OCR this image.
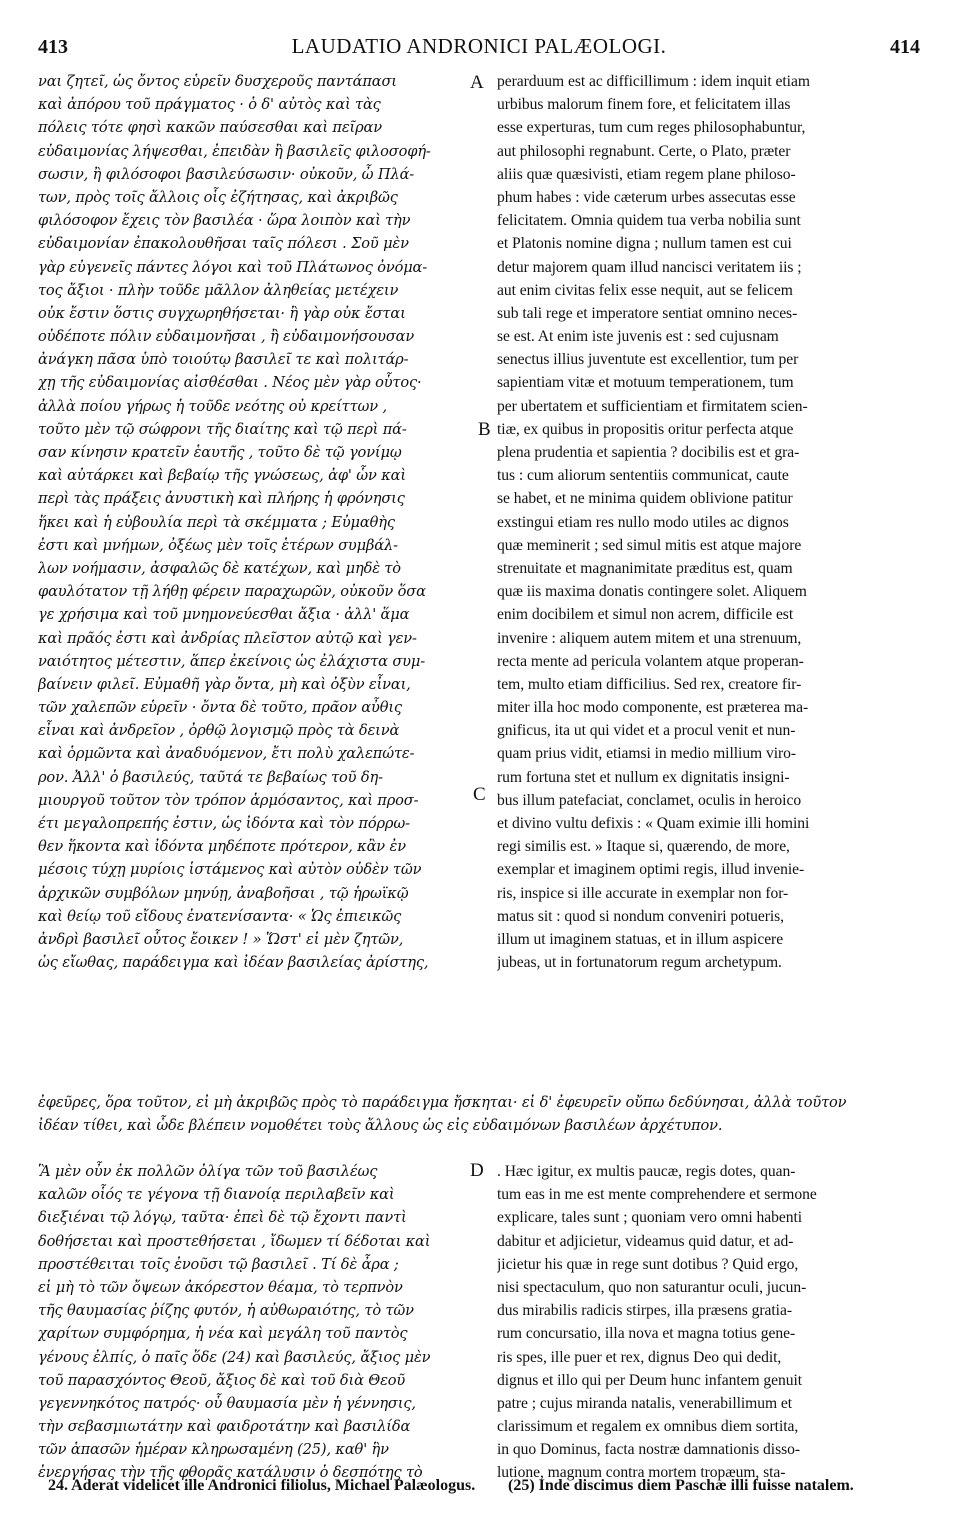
413	LAUDATIO ANDRONICI PALÆOLOGI.	414
ναι ζητεῖ, ὡς ὄντος εὑρεῖν δυσχεροῦς παντάπασι
καὶ ἀπόρου τοῦ πράγματος · ὁ δ' αὐτὸς καὶ τὰς
πόλεις τότε φησὶ κακῶν παύσεσθαι καὶ πεῖραν
εὐδαιμονίας λήψεσθαι, ἐπειδὰν ἢ βασιλεῖς φιλοσοφή-
σωσιν, ἢ φιλόσοφοι βασιλεύσωσιν· οὐκοῦν, ὦ Πλά-
των, πρὸς τοῖς ἄλλοις οἷς ἐζήτησας, καὶ ἀκριβῶς
φιλόσοφον ἔχεις τὸν βασιλέα · ὥρα λοιπὸν καὶ τὴν
εὐδαιμονίαν ἐπακολουθῆσαι ταῖς πόλεσι . Σοῦ μὲν
γὰρ εὐγενεῖς πάντες λόγοι καὶ τοῦ Πλάτωνος ὀνόμα-
τος ἄξιοι · πλὴν τοῦδε μᾶλλον ἀληθείας μετέχειν
οὐκ ἔστιν ὅστις συγχωρηθήσεται· ἢ γὰρ οὐκ ἔσται
οὐδέποτε πόλιν εὐδαιμονῆσαι , ἢ εὐδαιμονήσουσαν
ἀνάγκη πᾶσα ὑπὸ τοιούτῳ βασιλεῖ τε καὶ πολιτάρ-
χῃ τῆς εὐδαιμονίας αἰσθέσθαι . Νέος μὲν γὰρ οὗτος·
ἀλλὰ ποίου γήρως ἡ τοῦδε νεότης οὐ κρείττων ,
τοῦτο μὲν τῷ σώφρονι τῆς διαίτης καὶ τῷ περὶ πά-
σαν κίνησιν κρατεῖν ἑαυτῆς , τοῦτο δὲ τῷ γονίμῳ
καὶ αὐτάρκει καὶ βεβαίῳ τῆς γνώσεως, ἀφ' ὧν καὶ
περὶ τὰς πράξεις ἀνυστικὴ καὶ πλήρης ἡ φρόνησις
ἥκει καὶ ἡ εὐβουλία περὶ τὰ σκέμματα ; Εὐμαθὴς
ἐστι καὶ μνήμων, ὀξέως μὲν τοῖς ἑτέρων συμβάλ-
λων νοήμασιν, ἀσφαλῶς δὲ κατέχων, καὶ μηδὲ τὸ
φαυλότατον τῇ λήθῃ φέρειν παραχωρῶν, οὐκοῦν ὅσα
γε χρήσιμα καὶ τοῦ μνημονεύεσθαι ἄξια · ἀλλ' ἅμα
καὶ πρᾶός ἐστι καὶ ἀνδρίας πλεῖστον αὐτῷ καὶ γεν-
ναιότητος μέτεστιν, ἅπερ ἐκείνοις ὡς ἐλάχιστα συμ-
βαίνειν φιλεῖ. Εὐμαθῆ γὰρ ὄντα, μὴ καὶ ὀξὺν εἶναι,
τῶν χαλεπῶν εὑρεῖν · ὄντα δὲ τοῦτο, πρᾶον αὖθις
εἶναι καὶ ἀνδρεῖον , ὀρθῷ λογισμῷ πρὸς τὰ δεινὰ
καὶ ὁρμῶντα καὶ ἀναδυόμενον, ἔτι πολὺ χαλεπώτε-
ρον. Ἀλλ' ὁ βασιλεύς, ταῦτά τε βεβαίως τοῦ δη-
μιουργοῦ τοῦτον τὸν τρόπον ἁρμόσαντος, καὶ προσ-
έτι μεγαλοπρεπής ἐστιν, ὡς ἰδόντα καὶ τὸν πόρρω-
θεν ἥκοντα καὶ ἰδόντα μηδέποτε πρότερον, κἂν ἐν
μέσοις τύχῃ μυρίοις ἱστάμενος καὶ αὐτὸν οὐδὲν τῶν
ἀρχικῶν συμβόλων μηνύῃ, ἀναβοῆσαι , τῷ ἡρωϊκῷ
καὶ θείῳ τοῦ εἴδους ἐνατενίσαντα· « Ὡς ἐπιεικῶς
ἀνδρὶ βασιλεῖ οὗτος ἔοικεν ! » Ὥστ' εἰ μὲν ζητῶν,
ὡς εἴωθας, παράδειγμα καὶ ἰδέαν βασιλείας ἀρίστης,
perarduum est ac difficillimum : idem inquit etiam
urbibus malorum finem fore, et felicitatem illas
esse experturas, tum cum reges philosophabuntur,
aut philosophi regnabunt. Certe, o Plato, præter
aliis quæ quæsivisti, etiam regem plane philoso-
phum habes : vide cæterum urbes assecutas esse
felicitatem. Omnia quidem tua verba nobilia sunt
et Platonis nomine digna ; nullum tamen est cui
detur majorem quam illud nancisci veritatem iis ;
aut enim civitas felix esse nequit, aut se felicem
sub tali rege et imperatore sentiat omnino neces-
se est. At enim iste juvenis est : sed cujusnam
senectus illius juventute est excellentior, tum per
sapientiam vitæ et motuum temperationem, tum
per ubertatem et sufficientiam et firmitatem scien-
tiæ, ex quibus in propositis oritur perfecta atque
plena prudentia et sapientia ? docibilis est et gra-
tus : cum aliorum sententiis communicat, caute
se habet, et ne minima quidem oblivione patitur
exstingui etiam res nullo modo utiles ac dignos
quæ meminerit ; sed simul mitis est atque majore
strenuitate et magnanimitate præditus est, quam
quæ iis maxima donatis contingere solet. Aliquem
enim docibilem et simul non acrem, difficile est
invenire : aliquem autem mitem et una strenuum,
recta mente ad pericula volantem atque properan-
tem, multo etiam difficilius. Sed rex, creatore fir-
miter illa hoc modo componente, est præterea ma-
gnificus, ita ut qui videt et a procul venit et nun-
quam prius vidit, etiamsi in medio millium viro-
rum fortuna stet et nullum ex dignitatis insigni-
bus illum patefaciat, conclamet, oculis in heroico
et divino vultu defixis : « Quam eximie illi homini
regi similis est. » Itaque si, quærendo, de more,
exemplar et imaginem optimi regis, illud invenie-
ris, inspice si ille accurate in exemplar non for-
matus sit : quod si nondum conveniri potueris,
illum ut imaginem statuas, et in illum aspicere
jubeas, ut in fortunatorum regum archetypum.
A
B
C
D
ἐφεῦρες, ὅρα τοῦτον, εἰ μὴ ἀκριβῶς πρὸς τὸ παράδειγμα ἤσκηται· εἰ δ' ἐφευρεῖν οὔπω δεδύνησαι, ἀλλὰ τοῦτον
ἰδέαν τίθει, καὶ ὧδε βλέπειν νομοθέτει τοὺς ἄλλους ὡς εἰς εὐδαιμόνων βασιλέων ἀρχέτυπον.
Ἃ μὲν οὖν ἐκ πολλῶν ὀλίγα τῶν τοῦ βασιλέως
καλῶν οἷός τε γέγονα τῇ διανοίᾳ περιλαβεῖν καὶ
διεξιέναι τῷ λόγῳ, ταῦτα· ἐπεὶ δὲ τῷ ἔχοντι παντὶ
δοθήσεται καὶ προστεθήσεται , ἴδωμεν τί δέδοται καὶ
προστέθειται τοῖς ἐνοῦσι τῷ βασιλεῖ . Τί δὲ ἆρα ;
εἰ μὴ τὸ τῶν ὄψεων ἀκόρεστον θέαμα, τὸ τερπνὸν
τῆς θαυμασίας ῥίζης φυτόν, ἡ αὐθωραιότης, τὸ τῶν
χαρίτων συμφόρημα, ἡ νέα καὶ μεγάλη τοῦ παντὸς
γένους ἐλπίς, ὁ παῖς ὅδε (24) καὶ βασιλεύς, ἄξιος μὲν
τοῦ παρασχόντος Θεοῦ, ἄξιος δὲ καὶ τοῦ διὰ Θεοῦ
γεγεννηκότος πατρός· οὗ θαυμασία μὲν ἡ γέννησις,
τὴν σεβασμιωτάτην καὶ φαιδροτάτην καὶ βασιλίδα
τῶν ἁπασῶν ἡμέραν κληρωσαμένη (25), καθ' ἣν
ἐνεργήσας τὴν τῆς φθορᾶς κατάλυσιν ὁ δεσπότης τὸ
. Hæc igitur, ex multis paucæ, regis dotes, quan-
tum eas in me est mente comprehendere et sermone
explicare, tales sunt ; quoniam vero omni habenti
dabitur et adjicietur, videamus quid datur, et ad-
jicietur his quæ in rege sunt dotibus ? Quid ergo,
nisi spectaculum, quo non saturantur oculi, jucun-
dus mirabilis radicis stirpes, illa præsens gratia-
rum concursatio, illa nova et magna totius gene-
ris spes, ille puer et rex, dignus Deo qui dedit,
dignus et illo qui per Deum hunc infantem genuit
patre ; cujus miranda natalis, venerabillimum et
clarissimum et regalem ex omnibus diem sortita,
in quo Dominus, facta nostræ damnationis disso-
lutione, magnum contra mortem tropæum, sta-
24. Aderat videlicet ille Andronici filiolus, Michael Palæologus.	(25) Inde discimus diem Paschæ illi fuisse natalem.
